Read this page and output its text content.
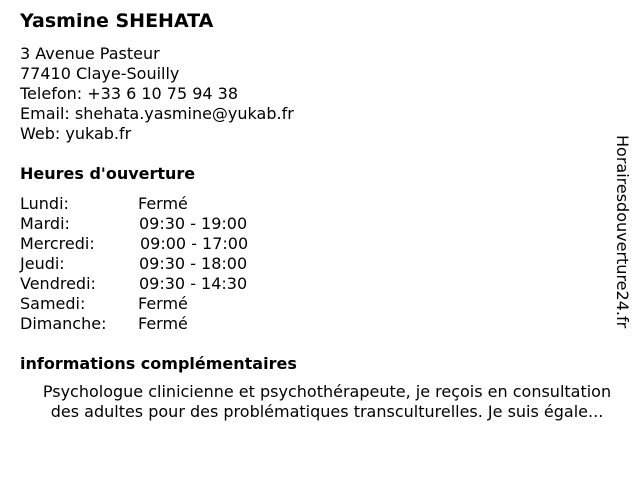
Yasmine SHEHATA
3 Avenue Pasteur
77410 Claye-Souilly
Telefon: +33 6 10 75 94 38
Email: shehata.yasmine@yukab.fr
Web: yukab.fr
Heures d'ouverture
Lundi:	Fermé
Mardi:	09:30 - 19:00
Mercredi:	09:00 - 17:00
Jeudi:	09:30 - 18:00
Vendredi:	09:30 - 14:30
Samedi:	Fermé
Dimanche: Fermé
informations complémentaires
Psychologue clinicienne et psychothérapeute, je reçois en consultation
des adultes pour des problématiques transculturelles. Je suis égale...
Horairesdouverture24.fr
